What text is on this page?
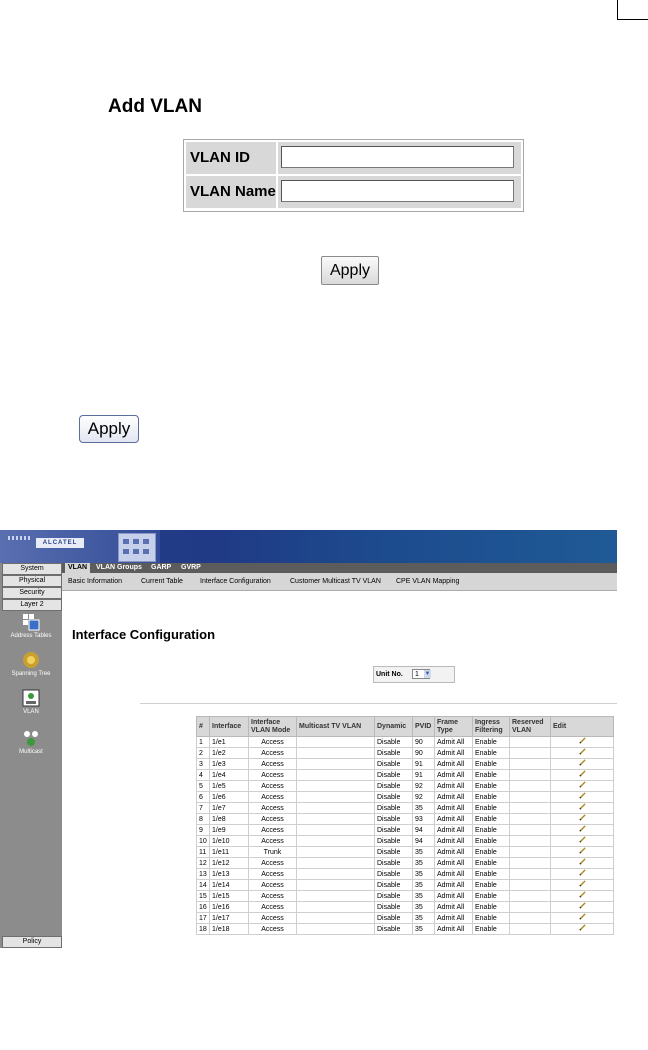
Add VLAN
VLAN ID
VLAN Name
Apply
Apply
ALCATEL
System
Physical
Security
Layer 2
Address Tables
Spanning Tree
VLAN
Multicast
Policy
VLAN	VLAN Groups GARP GVRP
Basic Information	Current Table Interface Configuration	Customer Multicast TV VLAN CPE VLAN Mapping
Interface Configuration
Unit No.	1 ▼
#	Interface	Interface VLAN Mode	Multicast TV VLAN	Dynamic	PVID	Frame Type	Ingress Filtering	Reserved VLAN	Edit
1	1/e1	Access		Disable	90	Admit All	Enable		
2	1/e2	Access		Disable	90	Admit All	Enable		
3	1/e3	Access		Disable	91	Admit All	Enable		
4	1/e4	Access		Disable	91	Admit All	Enable		
5	1/e5	Access		Disable	92	Admit All	Enable		
6	1/e6	Access		Disable	92	Admit All	Enable		
7	1/e7	Access		Disable	35	Admit All	Enable		
8	1/e8	Access		Disable	93	Admit All	Enable		
9	1/e9	Access		Disable	94	Admit All	Enable		
10	1/e10	Access		Disable	94	Admit All	Enable		
11	1/e11	Trunk		Disable	35	Admit All	Enable		
12	1/e12	Access		Disable	35	Admit All	Enable		
13	1/e13	Access		Disable	35	Admit All	Enable		
14	1/e14	Access		Disable	35	Admit All	Enable		
15	1/e15	Access		Disable	35	Admit All	Enable		
16	1/e16	Access		Disable	35	Admit All	Enable		
17	1/e17	Access		Disable	35	Admit All	Enable		
18	1/e18	Access		Disable	35	Admit All	Enable		
